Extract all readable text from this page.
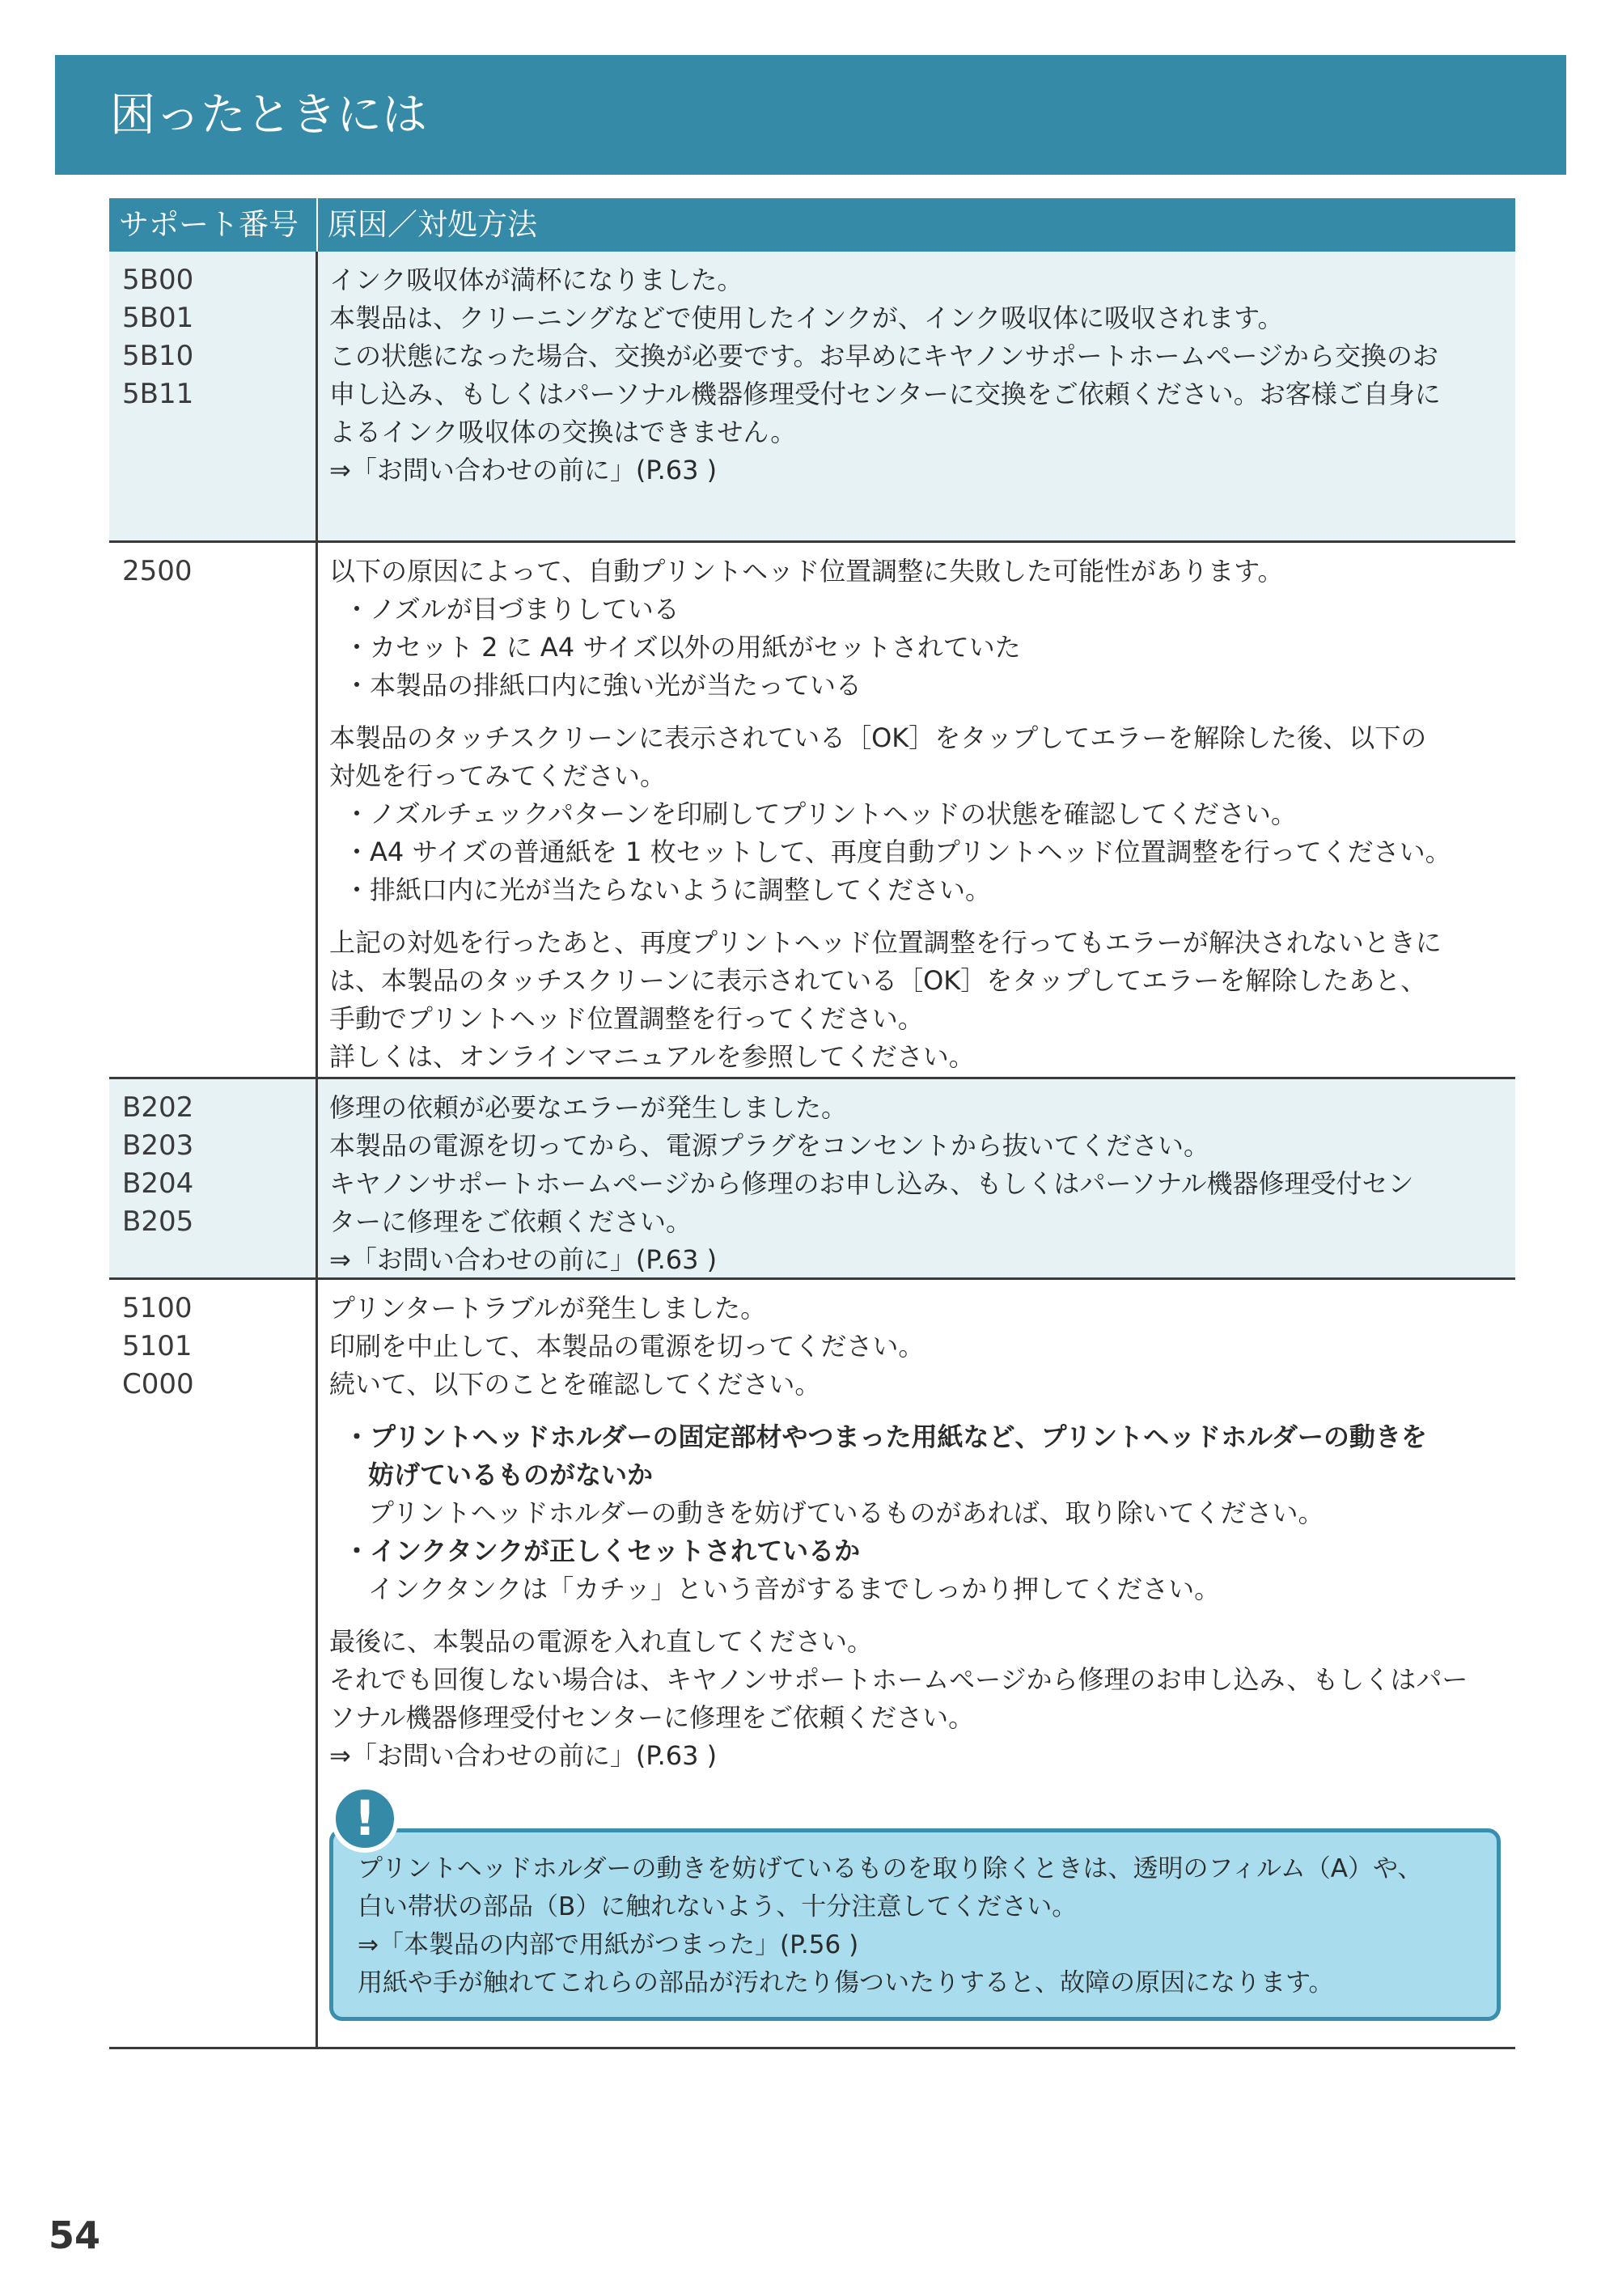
困ったときには
サポート番号 原因／対処方法
5B00
5B01
5B10
5B11
インク吸収体が満杯になりました。
本製品は、クリーニングなどで使用したインクが、インク吸収体に吸収されます。
この状態になった場合、交換が必要です。お早めにキヤノンサポートホームページから交換のお
申し込み、もしくはパーソナル機器修理受付センターに交換をご依頼ください。お客様ご自身に
よるインク吸収体の交換はできません。
⇒「お問い合わせの前に」(P.63 )
2500	以下の原因によって、自動プリントヘッド位置調整に失敗した可能性があります。
・ノズルが目づまりしている
・カセット 2 に A4 サイズ以外の用紙がセットされていた
・本製品の排紙口内に強い光が当たっている
本製品のタッチスクリーンに表示されている［OK］をタップしてエラーを解除した後、以下の
対処を行ってみてください。
・ノズルチェックパターンを印刷してプリントヘッドの状態を確認してください。
・A4 サイズの普通紙を 1 枚セットして、再度自動プリントヘッド位置調整を行ってください。
・排紙口内に光が当たらないように調整してください。
上記の対処を行ったあと、再度プリントヘッド位置調整を行ってもエラーが解決されないときに
は、本製品のタッチスクリーンに表示されている［OK］をタップしてエラーを解除したあと、
手動でプリントヘッド位置調整を行ってください。
詳しくは、オンラインマニュアルを参照してください。
B202
B203
B204
B205
修理の依頼が必要なエラーが発生しました。
本製品の電源を切ってから、電源プラグをコンセントから抜いてください。
キヤノンサポートホームページから修理のお申し込み、もしくはパーソナル機器修理受付セン
ターに修理をご依頼ください。
⇒「お問い合わせの前に」(P.63 )
5100
5101
C000
プリンタートラブルが発生しました。
印刷を中止して、本製品の電源を切ってください。
続いて、以下のことを確認してください。
・プリントヘッドホルダーの固定部材やつまった用紙など、プリントヘッドホルダーの動きを
妨げているものがないか
プリントヘッドホルダーの動きを妨げているものがあれば、取り除いてください。
・インクタンクが正しくセットされているか
インクタンクは「カチッ」という音がするまでしっかり押してください。
最後に、本製品の電源を入れ直してください。
それでも回復しない場合は、キヤノンサポートホームページから修理のお申し込み、もしくはパー
ソナル機器修理受付センターに修理をご依頼ください。
⇒「お問い合わせの前に」(P.63 )
!
プリントヘッドホルダーの動きを妨げているものを取り除くときは、透明のフィルム（A）や、
白い帯状の部品（B）に触れないよう、十分注意してください。
⇒「本製品の内部で用紙がつまった」(P.56 )
用紙や手が触れてこれらの部品が汚れたり傷ついたりすると、故障の原因になります。
54
